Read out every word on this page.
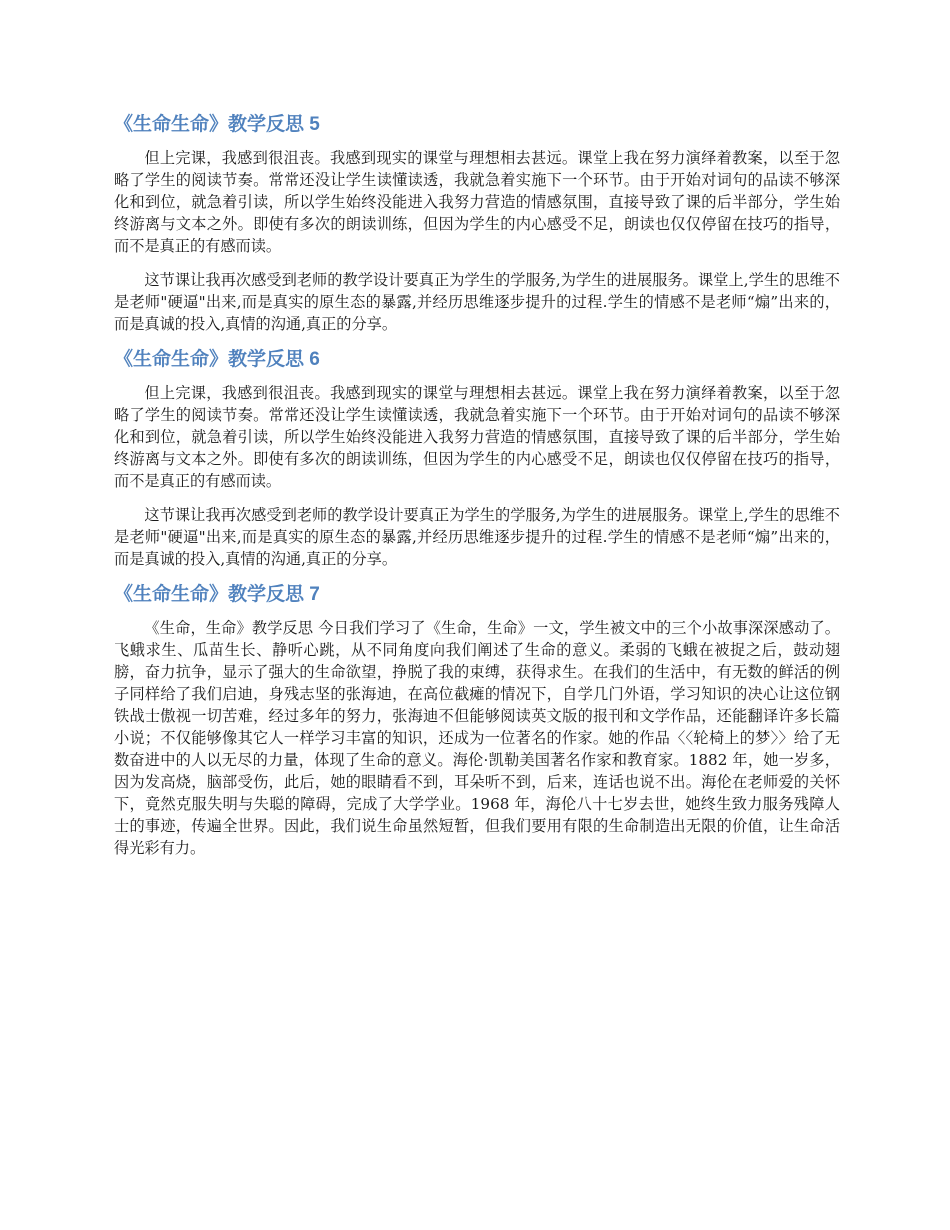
《生命生命》教学反思 5

但上完课，我感到很沮丧。我感到现实的课堂与理想相去甚远。课堂上我在努力演绎着教案，以至于忽略了学生的阅读节奏。常常还没让学生读懂读透，我就急着实施下一个环节。由于开始对词句的品读不够深化和到位，就急着引读，所以学生始终没能进入我努力营造的情感氛围，直接导致了课的后半部分，学生始终游离与文本之外。即使有多次的朗读训练，但因为学生的内心感受不足，朗读也仅仅停留在技巧的指导，而不是真正的有感而读。

这节课让我再次感受到老师的教学设计要真正为学生的学服务,为学生的进展服务。课堂上,学生的思维不是老师"硬逼"出来,而是真实的原生态的暴露,并经历思维逐步提升的过程.学生的情感不是老师“煽”出来的，而是真诚的投入,真情的沟通,真正的分享。

《生命生命》教学反思 6

但上完课，我感到很沮丧。我感到现实的课堂与理想相去甚远。课堂上我在努力演绎着教案，以至于忽略了学生的阅读节奏。常常还没让学生读懂读透，我就急着实施下一个环节。由于开始对词句的品读不够深化和到位，就急着引读，所以学生始终没能进入我努力营造的情感氛围，直接导致了课的后半部分，学生始终游离与文本之外。即使有多次的朗读训练，但因为学生的内心感受不足，朗读也仅仅停留在技巧的指导，而不是真正的有感而读。

这节课让我再次感受到老师的教学设计要真正为学生的学服务,为学生的进展服务。课堂上,学生的思维不是老师"硬逼"出来,而是真实的原生态的暴露,并经历思维逐步提升的过程.学生的情感不是老师“煽”出来的，而是真诚的投入,真情的沟通,真正的分享。

《生命生命》教学反思 7

《生命，生命》教学反思 今日我们学习了《生命，生命》一文，学生被文中的三个小故事深深感动了。飞蛾求生、瓜苗生长、静听心跳，从不同角度向我们阐述了生命的意义。柔弱的飞蛾在被捉之后，鼓动翅膀，奋力抗争，显示了强大的生命欲望，挣脱了我的束缚，获得求生。在我们的生活中，有无数的鲜活的例子同样给了我们启迪，身残志坚的张海迪，在高位截瘫的情况下，自学几门外语，学习知识的决心让这位钢铁战士傲视一切苦难，经过多年的努力，张海迪不但能够阅读英文版的报刊和文学作品，还能翻译许多长篇小说；不仅能够像其它人一样学习丰富的知识，还成为一位著名的作家。她的作品〈〈轮椅上的梦〉〉给了无数奋进中的人以无尽的力量，体现了生命的意义。海伦·凯勒美国著名作家和教育家。1882 年，她一岁多，因为发高烧，脑部受伤，此后，她的眼睛看不到，耳朵听不到，后来，连话也说不出。海伦在老师爱的关怀下，竟然克服失明与失聪的障碍，完成了大学学业。1968 年，海伦八十七岁去世，她终生致力服务残障人士的事迹，传遍全世界。因此，我们说生命虽然短暂，但我们要用有限的生命制造出无限的价值，让生命活得光彩有力。
